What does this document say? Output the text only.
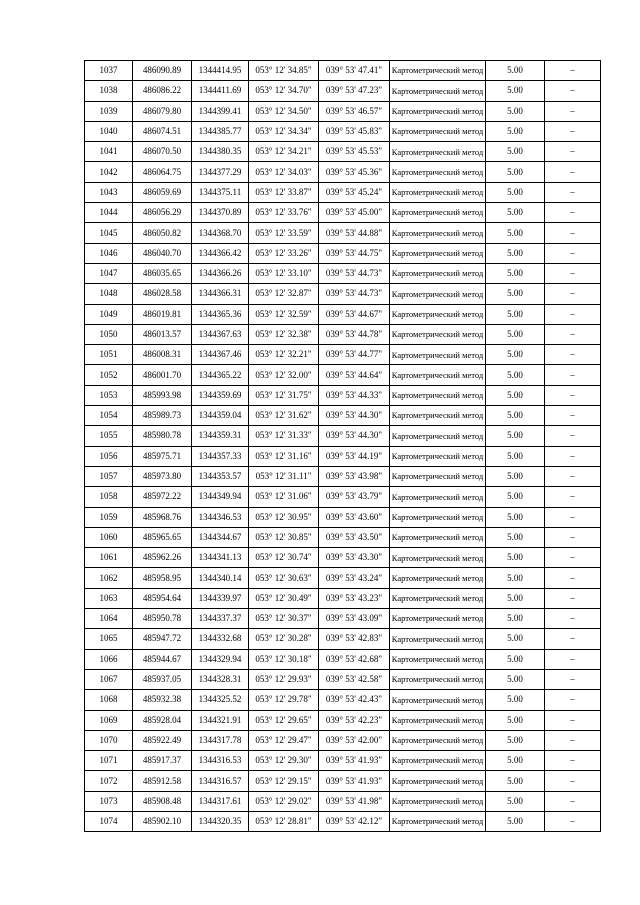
1037	486090.89	1344414.95	053° 12' 34.85"	039° 53' 47.41"	Картометрический метод	5.00	–
1038	486086.22	1344411.69	053° 12' 34.70"	039° 53' 47.23"	Картометрический метод	5.00	–
1039	486079.80	1344399.41	053° 12' 34.50"	039° 53' 46.57"	Картометрический метод	5.00	–
1040	486074.51	1344385.77	053° 12' 34.34"	039° 53' 45.83"	Картометрический метод	5.00	–
1041	486070.50	1344380.35	053° 12' 34.21"	039° 53' 45.53"	Картометрический метод	5.00	–
1042	486064.75	1344377.29	053° 12' 34.03"	039° 53' 45.36"	Картометрический метод	5.00	–
1043	486059.69	1344375.11	053° 12' 33.87"	039° 53' 45.24"	Картометрический метод	5.00	–
1044	486056.29	1344370.89	053° 12' 33.76"	039° 53' 45.00"	Картометрический метод	5.00	–
1045	486050.82	1344368.70	053° 12' 33.59"	039° 53' 44.88"	Картометрический метод	5.00	–
1046	486040.70	1344366.42	053° 12' 33.26"	039° 53' 44.75"	Картометрический метод	5.00	–
1047	486035.65	1344366.26	053° 12' 33.10"	039° 53' 44.73"	Картометрический метод	5.00	–
1048	486028.58	1344366.31	053° 12' 32.87"	039° 53' 44.73"	Картометрический метод	5.00	–
1049	486019.81	1344365.36	053° 12' 32.59"	039° 53' 44.67"	Картометрический метод	5.00	–
1050	486013.57	1344367.63	053° 12' 32.38"	039° 53' 44.78"	Картометрический метод	5.00	–
1051	486008.31	1344367.46	053° 12' 32.21"	039° 53' 44.77"	Картометрический метод	5.00	–
1052	486001.70	1344365.22	053° 12' 32.00"	039° 53' 44.64"	Картометрический метод	5.00	–
1053	485993.98	1344359.69	053° 12' 31.75"	039° 53' 44.33"	Картометрический метод	5.00	–
1054	485989.73	1344359.04	053° 12' 31.62"	039° 53' 44.30"	Картометрический метод	5.00	–
1055	485980.78	1344359.31	053° 12' 31.33"	039° 53' 44.30"	Картометрический метод	5.00	–
1056	485975.71	1344357.33	053° 12' 31.16"	039° 53' 44.19"	Картометрический метод	5.00	–
1057	485973.80	1344353.57	053° 12' 31.11"	039° 53' 43.98"	Картометрический метод	5.00	–
1058	485972.22	1344349.94	053° 12' 31.06"	039° 53' 43.79"	Картометрический метод	5.00	–
1059	485968.76	1344346.53	053° 12' 30.95"	039° 53' 43.60"	Картометрический метод	5.00	–
1060	485965.65	1344344.67	053° 12' 30.85"	039° 53' 43.50"	Картометрический метод	5.00	–
1061	485962.26	1344341.13	053° 12' 30.74"	039° 53' 43.30"	Картометрический метод	5.00	–
1062	485958.95	1344340.14	053° 12' 30.63"	039° 53' 43.24"	Картометрический метод	5.00	–
1063	485954.64	1344339.97	053° 12' 30.49"	039° 53' 43.23"	Картометрический метод	5.00	–
1064	485950.78	1344337.37	053° 12' 30.37"	039° 53' 43.09"	Картометрический метод	5.00	–
1065	485947.72	1344332.68	053° 12' 30.28"	039° 53' 42.83"	Картометрический метод	5.00	–
1066	485944.67	1344329.94	053° 12' 30.18"	039° 53' 42.68"	Картометрический метод	5.00	–
1067	485937.05	1344328.31	053° 12' 29.93"	039° 53' 42.58"	Картометрический метод	5.00	–
1068	485932.38	1344325.52	053° 12' 29.78"	039° 53' 42.43"	Картометрический метод	5.00	–
1069	485928.04	1344321.91	053° 12' 29.65"	039° 53' 42.23"	Картометрический метод	5.00	–
1070	485922.49	1344317.78	053° 12' 29.47"	039° 53' 42.00"	Картометрический метод	5.00	–
1071	485917.37	1344316.53	053° 12' 29.30"	039° 53' 41.93"	Картометрический метод	5.00	–
1072	485912.58	1344316.57	053° 12' 29.15"	039° 53' 41.93"	Картометрический метод	5.00	–
1073	485908.48	1344317.61	053° 12' 29.02"	039° 53' 41.98"	Картометрический метод	5.00	–
1074	485902.10	1344320.35	053° 12' 28.81"	039° 53' 42.12"	Картометрический метод	5.00	–
